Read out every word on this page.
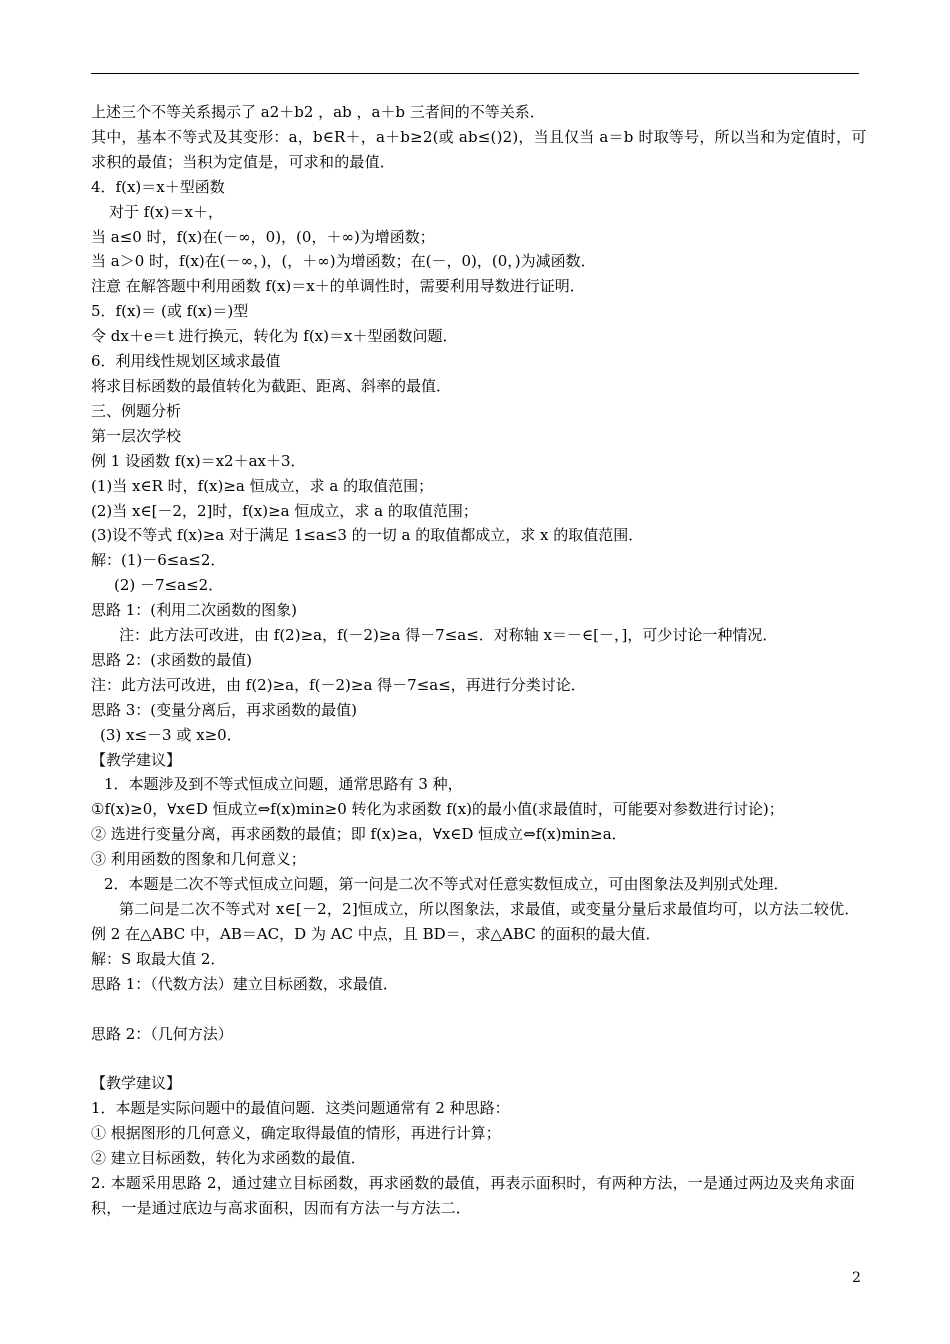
上述三个不等关系揭示了 a2＋b2 ，ab ，a＋b 三者间的不等关系．
其中，基本不等式及其变形：a，b∈R＋，a＋b≥2(或 ab≤()2)，当且仅当 a＝b 时取等号，所以当和为定值时，可求积的最值；当积为定值是，可求和的最值．
4．f(x)＝x＋型函数
对于 f(x)＝x＋，
当 a≤0 时，f(x)在(－∞，0)，(0，＋∞)为增函数；
当 a＞0 时，f(x)在(－∞，)，(，＋∞)为增函数；在(－，0)，(0，)为减函数．
注意 在解答题中利用函数 f(x)＝x＋的单调性时，需要利用导数进行证明．
5．f(x)＝ (或 f(x)＝)型
令 dx＋e＝t 进行换元，转化为 f(x)＝x＋型函数问题．
6．利用线性规划区域求最值
将求目标函数的最值转化为截距、距离、斜率的最值．
三、例题分析
第一层次学校
例 1 设函数 f(x)＝x2＋ax＋3．
(1)当 x∈R 时，f(x)≥a 恒成立，求 a 的取值范围；
(2)当 x∈[－2，2]时，f(x)≥a 恒成立，求 a 的取值范围；
(3)设不等式 f(x)≥a 对于满足 1≤a≤3 的一切 a 的取值都成立，求 x 的取值范围．
解：(1)－6≤a≤2．
(2) －7≤a≤2．
思路 1：(利用二次函数的图象)
注：此方法可改进，由 f(2)≥a，f(－2)≥a 得－7≤a≤．对称轴 x＝－∈[－，]，可少讨论一种情况．
思路 2：(求函数的最值)
注：此方法可改进，由 f(2)≥a，f(－2)≥a 得－7≤a≤，再进行分类讨论．
思路 3：(变量分离后，再求函数的最值)
(3) x≤－3 或 x≥0．
【教学建议】
1．本题涉及到不等式恒成立问题，通常思路有 3 种，
①f(x)≥0，∀x∈D 恒成立⇔f(x)min≥0 转化为求函数 f(x)的最小值(求最值时，可能要对参数进行讨论)；
② 选进行变量分离，再求函数的最值；即 f(x)≥a，∀x∈D 恒成立⇔f(x)min≥a．
③ 利用函数的图象和几何意义；
2．本题是二次不等式恒成立问题，第一问是二次不等式对任意实数恒成立，可由图象法及判别式处理．
第二问是二次不等式对 x∈[－2，2]恒成立，所以图象法，求最值，或变量分量后求最值均可，以方法二较优．
例 2 在△ABC 中，AB＝AC，D 为 AC 中点，且 BD＝，求△ABC 的面积的最大值．
解：S 取最大值 2．
思路 1：（代数方法）建立目标函数，求最值．
思路 2：（几何方法）
【教学建议】
1．本题是实际问题中的最值问题．这类问题通常有 2 种思路：
① 根据图形的几何意义，确定取得最值的情形，再进行计算；
② 建立目标函数，转化为求函数的最值．
2. 本题采用思路 2，通过建立目标函数，再求函数的最值，再表示面积时，有两种方法，一是通过两边及夹角求面积，一是通过底边与高求面积，因而有方法一与方法二．
2
